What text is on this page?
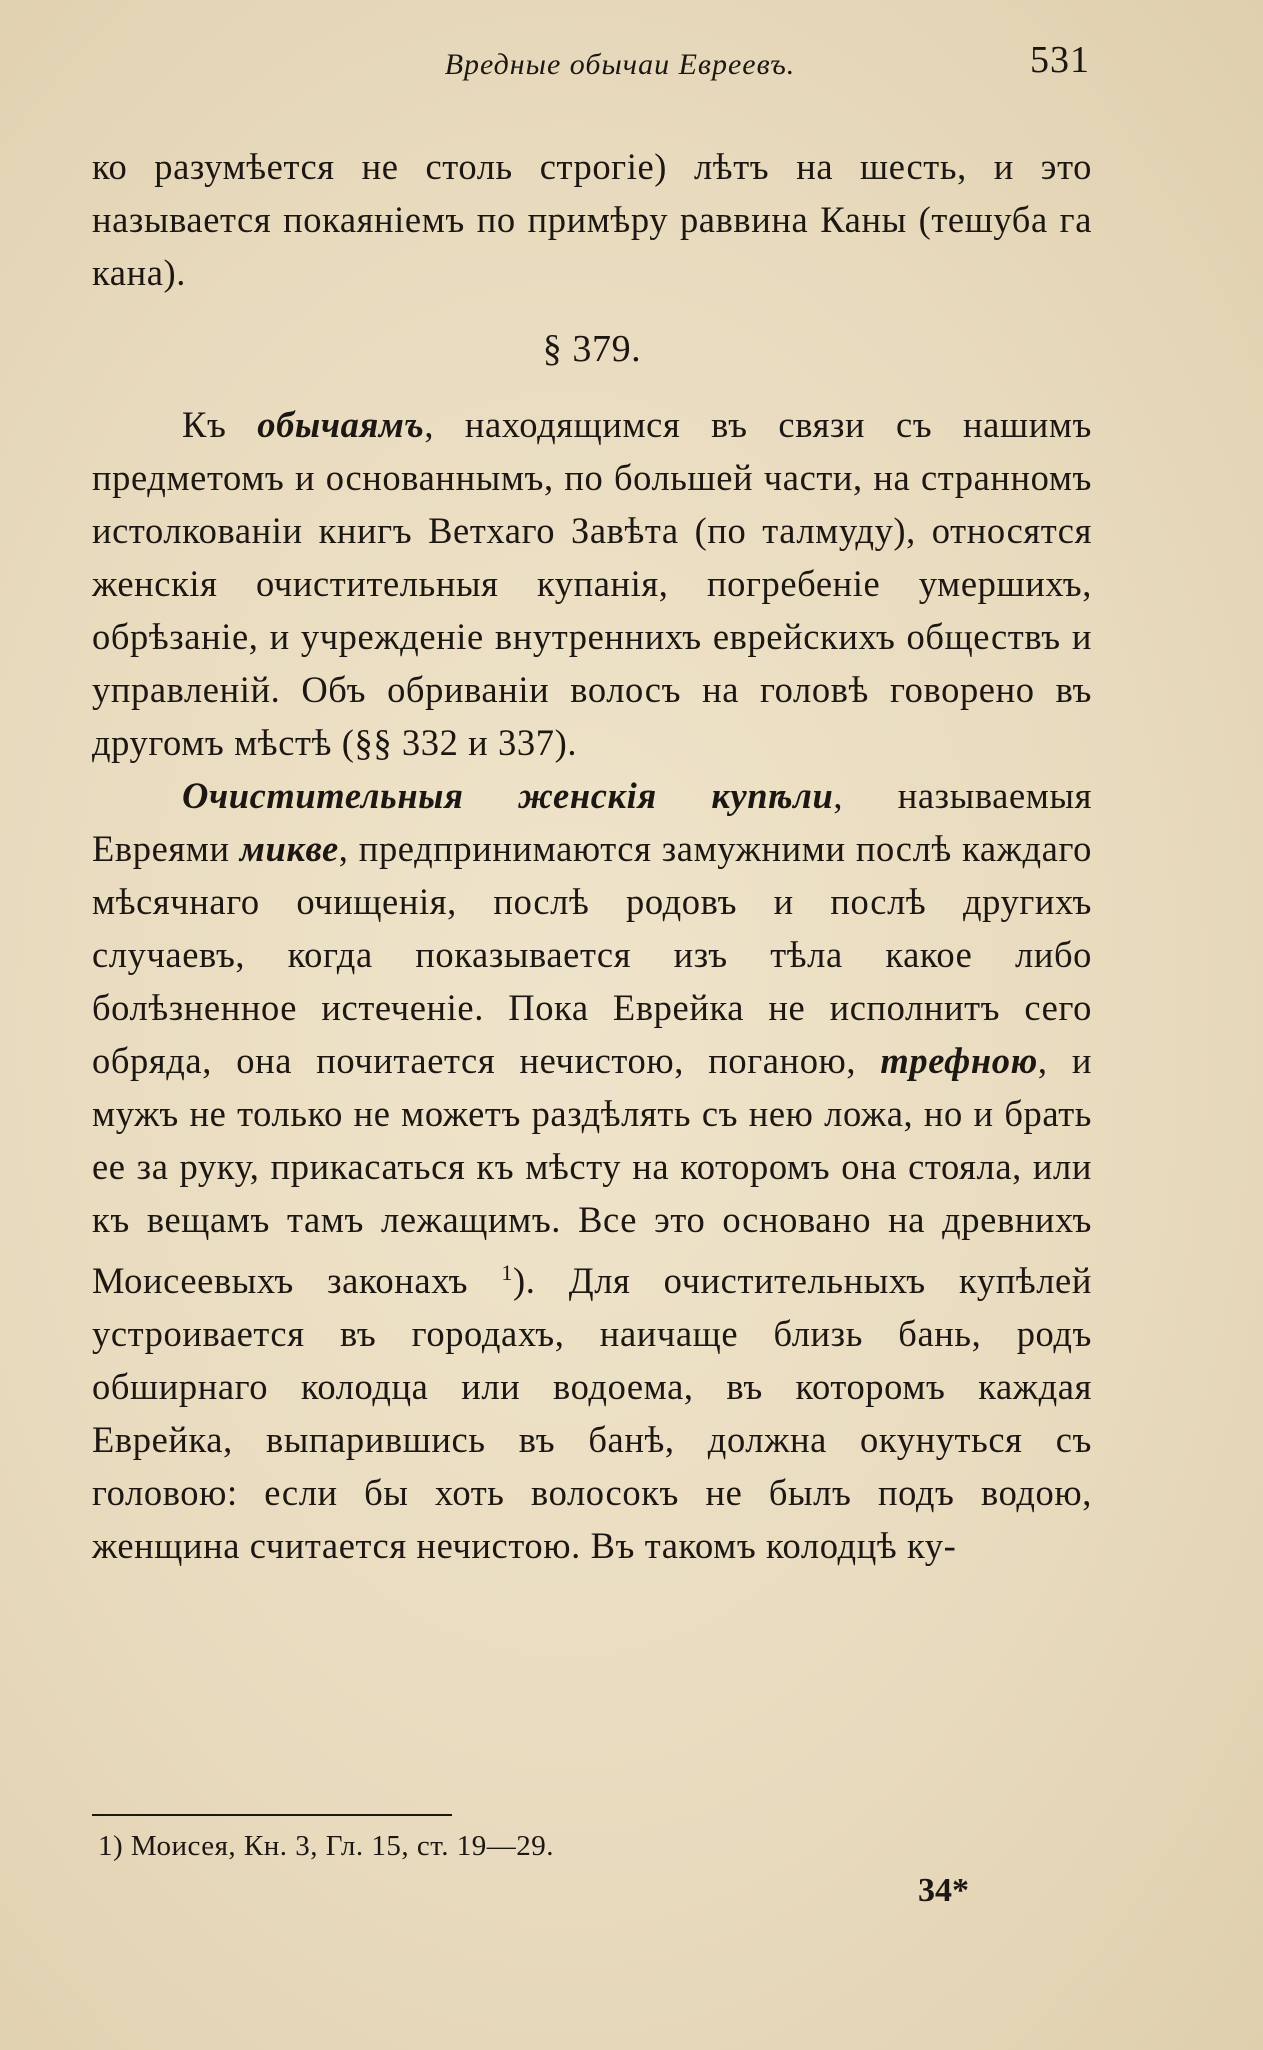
Вредныe обычаи Евреевъ.	531

ко разумѣется не столь строгіе) лѣтъ на шесть, и это называется покаяніемъ по примѣру раввина Каны (тешуба га кана).

§ 379.

Къ обычаямъ, находящимся въ связи съ нашимъ предметомъ и основаннымъ, по большей части, на странномъ истолкованіи книгъ Ветхаго Завѣта (по талмуду), относятся женскія очистительныя купанія, погребеніе умершихъ, обрѣзаніе, и учрежденіе внутреннихъ еврейскихъ обществъ и управленій. Объ обриваніи волосъ на головѣ говорено въ другомъ мѣстѣ (§§ 332 и 337).

Очистительныя женскія купѣли, называемыя Евреями микве, предпринимаются замужними послѣ каждаго мѣсячнаго очищенія, послѣ родовъ и послѣ другихъ случаевъ, когда показывается изъ тѣла какое либо болѣзненное истеченіе. Пока Еврейка не исполнитъ сего обряда, она почитается нечистою, поганою, трефною, и мужъ не только не можетъ раздѣлять съ нею ложа, но и брать ее за руку, прикасаться къ мѣсту на которомъ она стояла, или къ вещамъ тамъ лежащимъ. Все это основано на древнихъ Моисеевыхъ законахъ $^1$). Для очистительныхъ купѣлей устроивается въ городахъ, наичаще близь бань, родъ обширнаго колодца или водоема, въ которомъ каждая Еврейка, выпарившись въ банѣ, должна окунуться съ головою: если бы хоть волосокъ не былъ подъ водою, женщина считается нечистою. Въ такомъ колодцѣ ку-

1) Моисея, Кн. 3, Гл. 15, ст. 19—29.
34*
